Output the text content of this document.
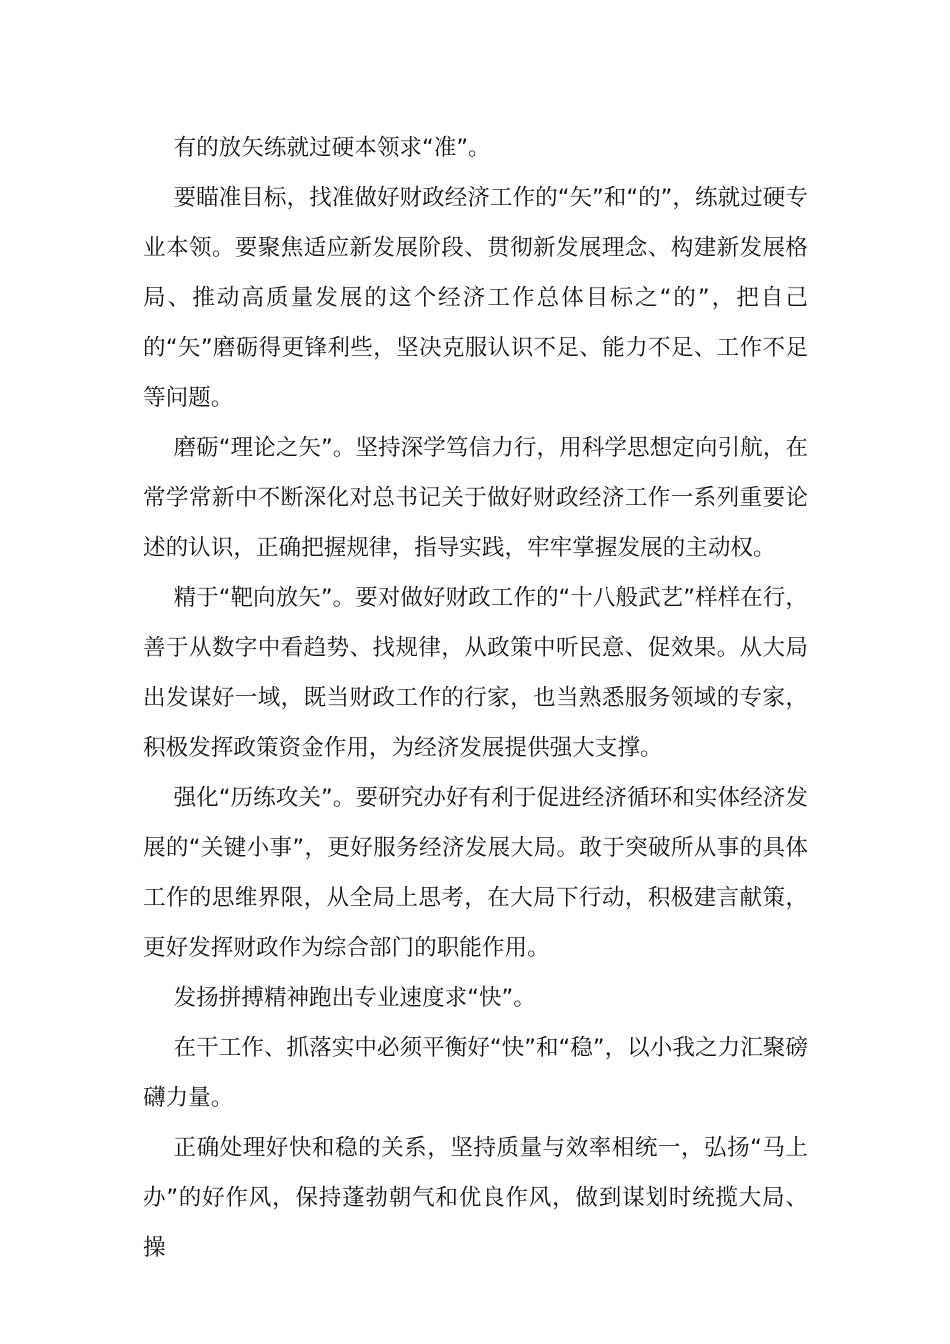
有的放矢练就过硬本领求“准”。

要瞄准目标，找准做好财政经济工作的“矢”和“的”，练就过硬专业本领。要聚焦适应新发展阶段、贯彻新发展理念、构建新发展格局、推动高质量发展的这个经济工作总体目标之“的”，把自己的“矢”磨砺得更锋利些，坚决克服认识不足、能力不足、工作不足等问题。

磨砺“理论之矢”。坚持深学笃信力行，用科学思想定向引航，在常学常新中不断深化对总书记关于做好财政经济工作一系列重要论述的认识，正确把握规律，指导实践，牢牢掌握发展的主动权。

精于“靶向放矢”。要对做好财政工作的“十八般武艺”样样在行，善于从数字中看趋势、找规律，从政策中听民意、促效果。从大局出发谋好一域，既当财政工作的行家，也当熟悉服务领域的专家，积极发挥政策资金作用，为经济发展提供强大支撑。

强化“历练攻关”。要研究办好有利于促进经济循环和实体经济发展的“关键小事”，更好服务经济发展大局。敢于突破所从事的具体工作的思维界限，从全局上思考，在大局下行动，积极建言献策，更好发挥财政作为综合部门的职能作用。

发扬拼搏精神跑出专业速度求“快”。

在干工作、抓落实中必须平衡好“快”和“稳”，以小我之力汇聚磅礴力量。

正确处理好快和稳的关系，坚持质量与效率相统一，弘扬“马上办”的好作风，保持蓬勃朝气和优良作风，做到谋划时统揽大局、操
